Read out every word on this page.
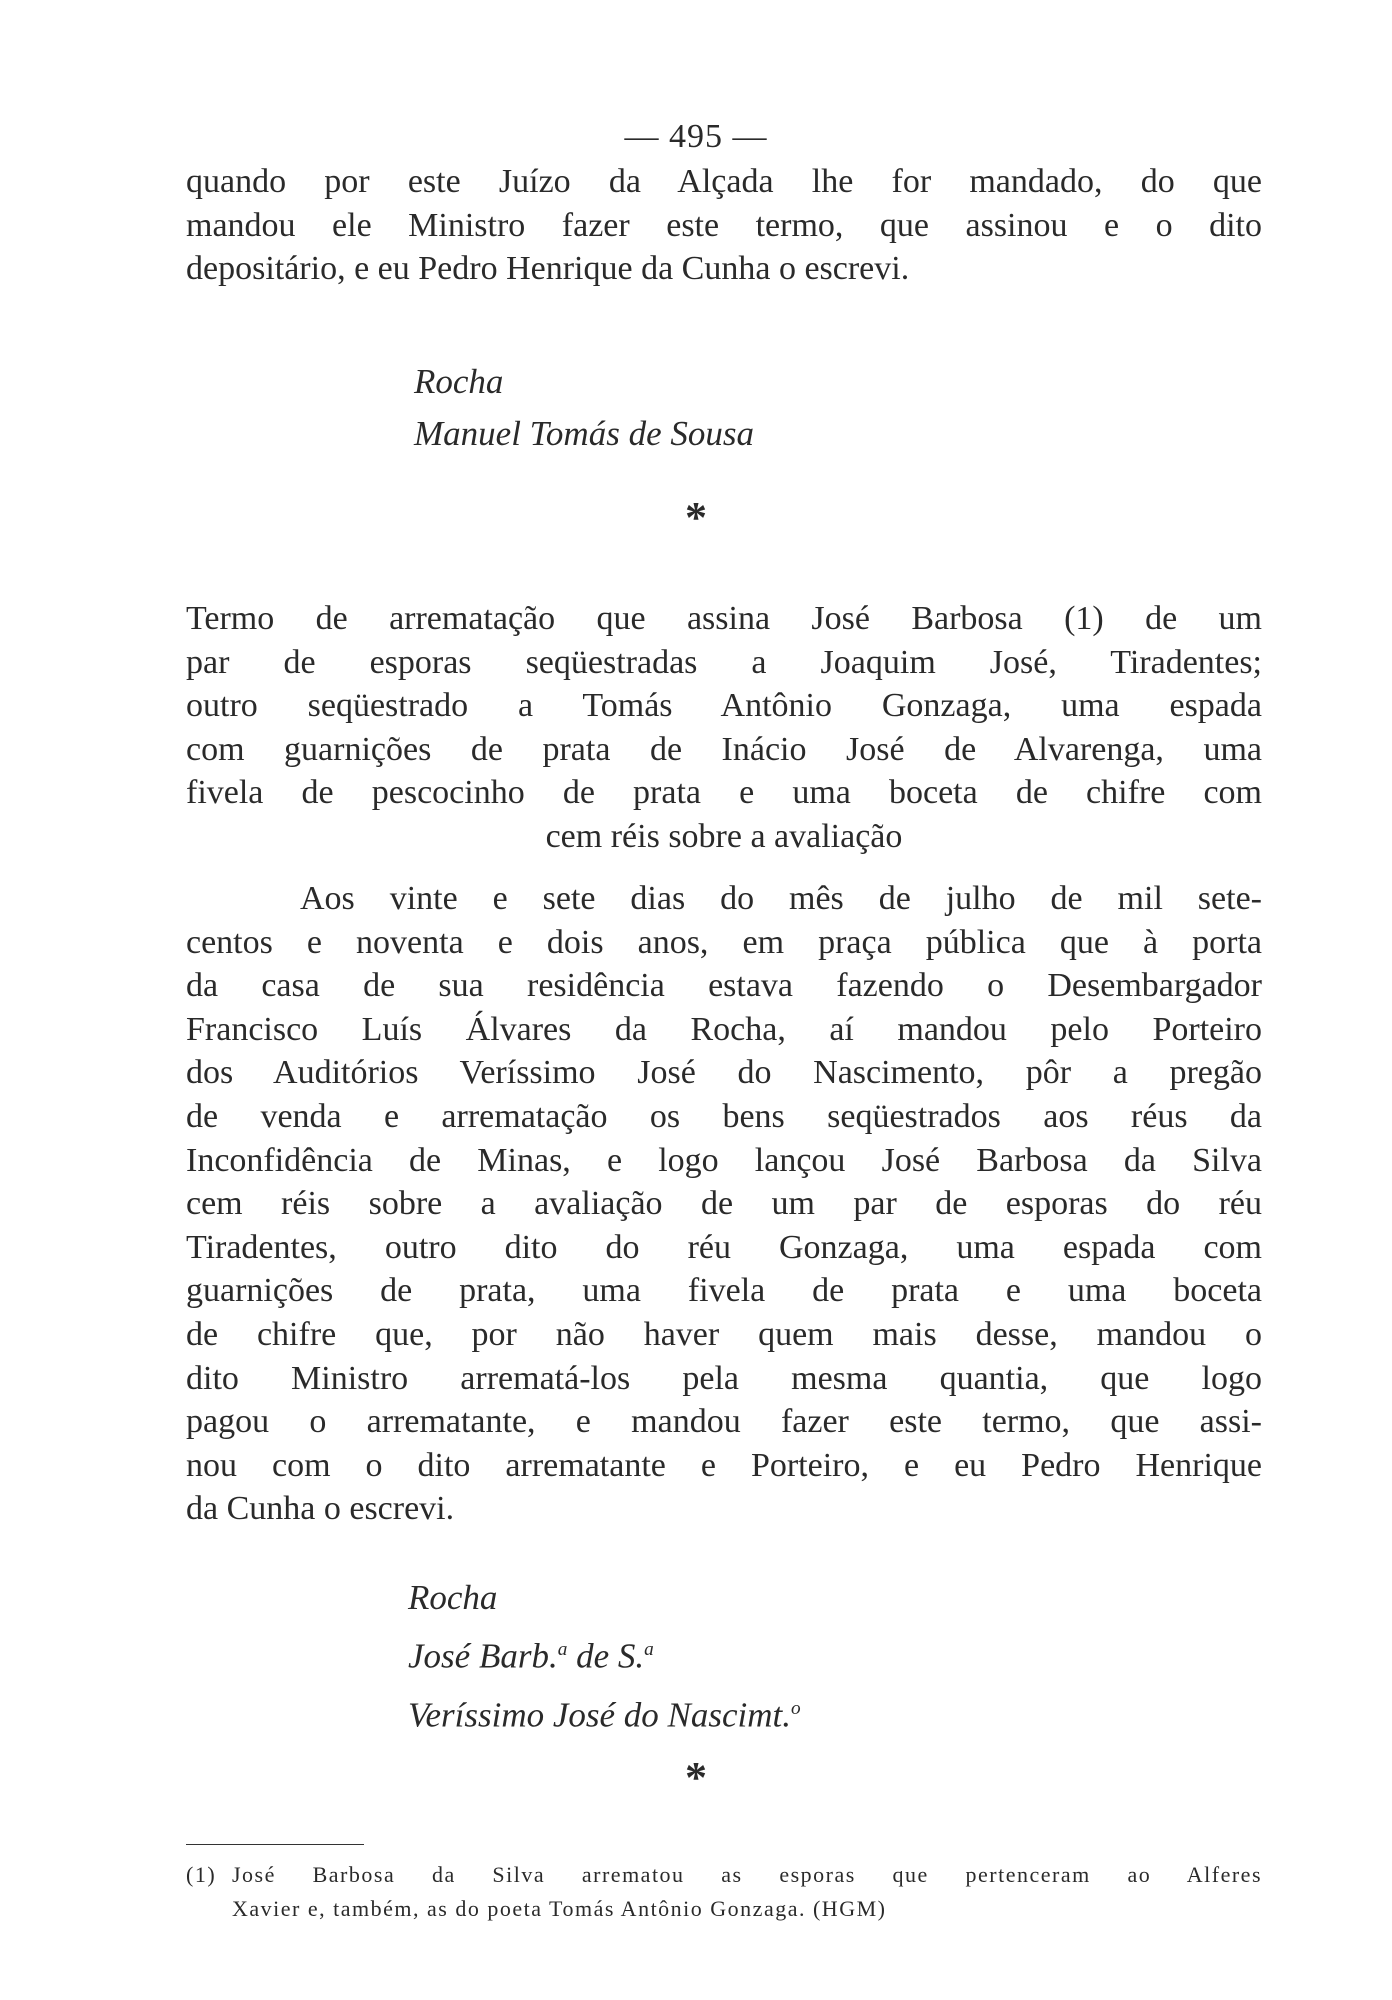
— 495 —
quando por este Juízo da Alçada lhe for mandado, do que
mandou ele Ministro fazer este termo, que assinou e o dito
depositário, e eu Pedro Henrique da Cunha o escrevi.
Rocha
Manuel Tomás de Sousa
*
Termo de arrematação que assina José Barbosa (1) de um
par de esporas seqüestradas a Joaquim José, Tiradentes;
outro seqüestrado a Tomás Antônio Gonzaga, uma espada
com guarnições de prata de Inácio José de Alvarenga, uma
fivela de pescocinho de prata e uma boceta de chifre com
cem réis sobre a avaliação
Aos vinte e sete dias do mês de julho de mil sete-
centos e noventa e dois anos, em praça pública que à porta
da casa de sua residência estava fazendo o Desembargador
Francisco Luís Álvares da Rocha, aí mandou pelo Porteiro
dos Auditórios Veríssimo José do Nascimento, pôr a pregão
de venda e arrematação os bens seqüestrados aos réus da
Inconfidência de Minas, e logo lançou José Barbosa da Silva
cem réis sobre a avaliação de um par de esporas do réu
Tiradentes, outro dito do réu Gonzaga, uma espada com
guarnições de prata, uma fivela de prata e uma boceta
de chifre que, por não haver quem mais desse, mandou o
dito Ministro arrematá-los pela mesma quantia, que logo
pagou o arrematante, e mandou fazer este termo, que assi-
nou com o dito arrematante e Porteiro, e eu Pedro Henrique
da Cunha o escrevi.
Rocha
José Barb.$^a$ de S.$^a$
Veríssimo José do Nascimt.$^o$
*
(1) José Barbosa da Silva arrematou as esporas que pertenceram ao Alferes
Xavier e, também, as do poeta Tomás Antônio Gonzaga. (HGM)
